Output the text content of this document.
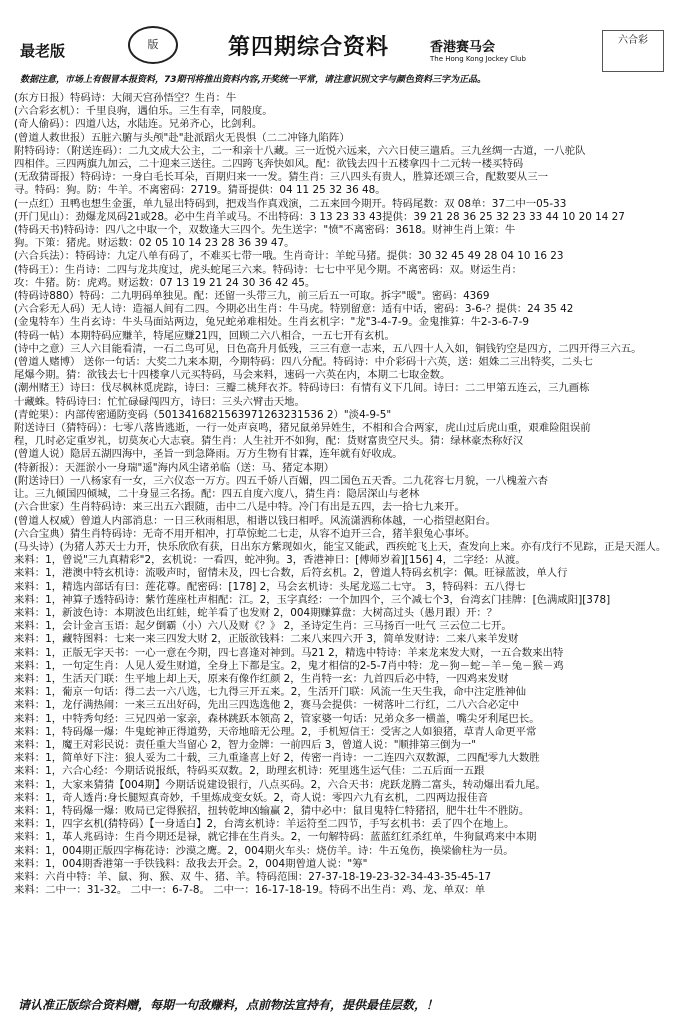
最老版	版	第四期综合资料	香港赛马会
The Hong Kong Jockey Club
六合彩
数据注意，市场上有假冒本报资料，73期刊将推出资料内容,开奖统一平常，请注意识别文字与颜色资料三字为正品。

(东方日报）特码诗：大闹天宫孙悟空？生肖：牛

(六合彩玄机）：千里良驹，遇伯乐。三生有幸，同般度。

(奇人偷码）：四道八达，水陆连。兄弟齐心，比剑利。

(曾道人救世报）五脏六腑与头颅"赴"赴派蹈火无畏惧（二二冲锋九陷阵）

附特码诗：（附送连码）：二九文成大公主，二一和亲十八藏。三一近悦六远来，六六日使三遣盾。三九丝绸一古道，一八驼队

四相伴。三四两旗九加云，二十迎来三送往。二四跨飞奔快如风。配：欲钱去四十五楼拿四十二元转一楼买特码

(无敌猜哥报）特码诗：一身白毛长耳朵，百期归来一一发。猜生肖：三八四头有贵人，胜算还颂三合，配数要从三一

寻。特码：狗。防：牛羊。不离密码：2719。猜哥提供：04 11 25 32 36 48。

(一点红）丑鸭也想生金蛋，单九显出特码到，把戏当作真戏演，二五来回今期开。特码尾数：双 08单：37二中一05-33

(开门见山）：劲爆龙凤码21或28。必中生肖羊或马。不出特码：3 13 23 33 43提供：39 21 28 36 25 32 23 33 44 10 20 14 27

(特码天书)特码诗：四八之中取一个，双数逢大三四个。先生送字："愤"不离密码：3618。财神生肖上策：牛

狗。下策：猪虎。财运数：02 05 10 14 23 28 36 39 47。

(六合兵法）：特码诗：九定八单有码了，不难买七带一哦。生肖奇计：羊蛇马猪。提供：30 32 45 49 28 04 10 16 23

(特码王）：生肖诗：二四与龙共度过，虎头蛇尾三六来。特码诗：七七中平见今期。不离密码：双。财运生肖：

攻：牛猪。防：虎鸡。财运数：07 13 19 21 24 30 36 42 45。

(特码诗880）特码：二九明码单独见。配：还留一头带三九，前三后五一可取。拆字"暖"。密码：4369

(六合彩无人码）无人诗：造福人间有二四。今期必出生肖：牛马虎。特别留意：适有中话，密码：3-6-？提供：24 35 42

(金鬼特车）生肖玄诗：牛头马面站两边，兔兄蛇弟难相处。生肖玄机字："龙"3-4-7-9。金鬼推算：牛2-3-6-7-9

(特码一帖）本期特码应赚羊，特尾应赚21四，回顾二六八相合，一五七开有玄机。

(诗中之意）三人六目能看清，一石二鸟可见，日色高升月低残，三三有意一志来，五八四十人入如，铜钱钓空是四方，二四开得三六五。

(曾道人赌博） 送你一句话：大奖二九来本期，今期特码：四八分配。特码诗：中介彩码十六英，送：姐姝二三出特奖，二头七

尾爆今期。猜：欲钱去七十四楼拿八元买特码，马会来料，速码一六英在内，本期二七取金数。

(潮州赌王）诗曰：伐尽枫林觅虎踪，诗曰：三瓣二桃拜衣芥。特码诗曰：有情有义下几间。诗曰：二二甲第五连云，三九画栋

十藏蛛。特码诗曰：忙忙碌碌闯四方，诗曰：三头六臂击天地。

(青蛇果）：内部传密通防变码（5013416821563971263231536 2）"淡4-9-5"

附送诗曰（猜特码）：七零八落皆逃逝，一行一处声哀鸣，猪兄鼠弟异姓生，不相和合合两家，虎山过后虎山重，艰难险阻误前

程，几时必定重岁礼，切莫灰心大志衰。猜生肖：人生社开不如狗，配：货财富贵空尺头。猜：绿林豪杰称好汉

(曾道人说）隐居五湖四海中，圣旨一到急降雨。万方生物有甘霖，连年就有好收成。

(特新报）：天涯淤小一身瑞"遥"海内风尘诸弟临（送：马、猪定本期）

(附送诗曰）一八杨家有一女，三六仪态一万方。四五千娇八百媚，四二国色五天香。二九花容七月貌，一八槐羞六杏

让。三九倾国四倾城，二十身显三名扬。配：四五自度六度八，猜生肖：隐居深山与老林

(六合世家）生肖特码诗：来三出五六跟随，击中二八是中特。冷门有出是五四，去一拾七九来开。

(曾道人权威）曾道人内部消息：一日三秋雨相思，相谐以钱曰相呼。风流潇洒称体越，一心指望赵阳台。

(六合宝典）猜生肖特码诗：无奇不用开相冲，打草惊蛇二七走，从容不迫开三合，猪羊狠兔心事坏。

(马头诗）(为猪人苏天士力开，快乐欣欣有获，日出东方紫现如火，能宝又能武，西疾蛇飞上天，查发向上来。亦有戊行不见踪，正是天涯人。

来料：1，曾说"三九真精彩"2，玄机说：一看四，蛇冲狗。3，香港神日：[傅师岁着][156] 4，二字经：从渡。

来料：1，港澳中特玄机诗：流吸声时，留情未及，四七合数，后符玄机。2，曾道人特码玄机字：佩。旺禄蓝波，单人行

来料：1，精选内部话有曰：莲花尊。配密码：[178] 2，马会玄机诗：头尾龙巡二七守。 3，特码料：五八得七

来料：1，神算子透特码诗：紫竹莲座杜声相配：江。2，玉字真经：一个加四个，三个减七个3，台湾玄门挂牌：[色满咸阳][378]

来料：1，新波色诗：本期波色出红蛙，蛇羊看了也发财 2，004期赚算盘：大树高过头（愚月跟）开：？

来料：1，会计金言玉语：起夕倒霸（小）六八及财《？》 2，圣诗定生肖：三马扬百一吐气 三云位二七开。

来料：1，藏特图料：七来一来三四发大财 2，正版欲钱料：二来八来四六开 3，简单发财诗：二来八来羊发财

来料：1，正版无字天书：一心一意在今期，四七喜逢对神到。马21 2，精选中特诗：羊来龙来发大财，一五合数来出特

来料：1，一句定生肖：人见人爱生财道，全身上下都是宝。2，鬼才相信的2-5-7肖中特：龙－狗－蛇－羊－兔－猴－鸡

来料：1，生活天门联：生平地上却上天，原来有像作红颜 2，生肖特一玄：九首四后必中特，一四鸡来发财

来料：1，葡京一句话：得二去一六八选，七九得三开五来。2，生活开门联：风流一生天生我，命中注定胜神仙

来料：1，龙仔满热闹：一来三五出好码，先出三四选选他 2，赛马会提供：一树落叶二行红，二八六合必定中

来料：1，中特秀句经：三兄四弟一家亲，森林跳跃本领高 2，管家婆一句话：兄弟众多一横盖，嘴尖牙利尾巴长。

来料：1，特码爆一爆：牛鬼蛇神正得道势，天帝地暗无公理。2，手机短信王：受害之人如狼猪，草青人命更平常

来料：1，魔王对彩民说：责任重大当留心 2，智力金牌：一前四后 3，曾道人说："顺排第三倒为一"

来料：1，简单好下注：狼人妥为二十载，三九重逢喜上好 2，传密一肖诗：一二连四六双数源，二四配零九大数胜

来料：1，六合心经：今期话说报纸，特码买双数。2，助理玄机诗：死里逃生运气佳：二五后面一五跟

来料：1，大家来猜猜【004期】今期话说建设银行，八点买码。2，六合天书：虎跃龙腾二富头，转动爆出看九尾。

来料：1，奇人透肖:身长腿短真奇妙，千里炼成变女妖。2，奇人说：零四六九有玄机，二四两边报佳音

来料：1，特码爆一爆：败局已定得猴招，扭转乾坤凶输赢 2，猜中必中：鼠目鬼特仁特猪招，肥牛壮牛不胜防。

来料：1，四字玄机(猜特码）【一身适白】2，台湾玄机诗：羊运符至二四节，手写玄机书：丢了四个在地上。

来料：1，革人兆码诗：生肖今期还是禄，就它排在生肖头。2，一句解特码：蓝蓝红红杀红单，牛狗鼠鸡来中本期

来料：1，004期正版四字梅花诗：沙漠之鹰。2，004期火车头：烧仿羊。诗：牛五兔伤，换梁偷柱为一员。

来料：1，004期香港第一手铁钱料：敌我去开会。2，004期曾道人说："筹"

来料：六肖中特：羊、鼠、狗、猴、双 牛、猪、羊。特码范围：27-37-18-19-23-32-34-43-35-45-17

来料：二中一：31-32。 二中一：6-7-8。 二中一：16-17-18-19。特码不出生肖：鸡、龙、单双：单

请认准正版综合资料赠，每期一句敌赚料，点前物法宣持有，提供最佳层数，！
